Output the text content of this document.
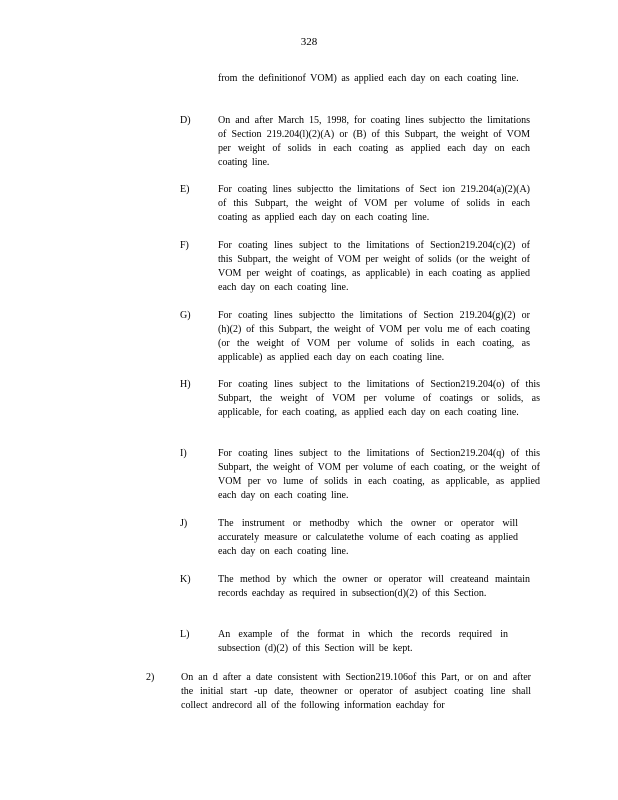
328
from the definitionof VOM) as applied each day on each coating line.
D)	On and after March 15, 1998, for coating lines subjectto the limitations of Section 219.204(l)(2)(A) or (B) of this Subpart, the weight of VOM per weight of solids in each coating as applied each day on each coating line.
E)	For coating lines subjectto the limitations of Sect ion 219.204(a)(2)(A) of this Subpart, the weight of VOM per volume of solids in each coating as applied each day on each coating line.
F)	For coating lines subject to the limitations of Section219.204(c)(2) of this Subpart, the weight of VOM per weight of solids (or the weight of VOM per weight of coatings, as applicable) in each coating as applied each day on each coating line.
G)	For coating lines subjectto the limitations of Section 219.204(g)(2) or (h)(2) of this Subpart, the weight of VOM per volu me of each coating (or the weight of VOM per volume of solids in each coating, as applicable) as applied each day on each coating line.
H)	For coating lines subject to the limitations of Section219.204(o) of this Subpart, the weight of VOM per volume of coatings or solids, as applicable, for each coating, as applied each day on each coating line.
I)	For coating lines subject to the limitations of Section219.204(q) of this Subpart, the weight of VOM per volume of each coating, or the weight of VOM per vo lume of solids in each coating, as applicable, as applied each day on each coating line.
J)	The instrument or methodby which the owner or operator will accurately measure or calculatethe volume of each coating as applied each day on each coating line.
K)	The method by which the owner or operator will createand maintain records eachday as required in subsection(d)(2) of this Section.
L)	An example of the format in which the records required in subsection (d)(2) of this Section will be kept.
2)	On an d after a date consistent with Section219.106of this Part, or on and after the initial start -up date, theowner or operator of asubject coating line shall collect andrecord all of the following information eachday for
